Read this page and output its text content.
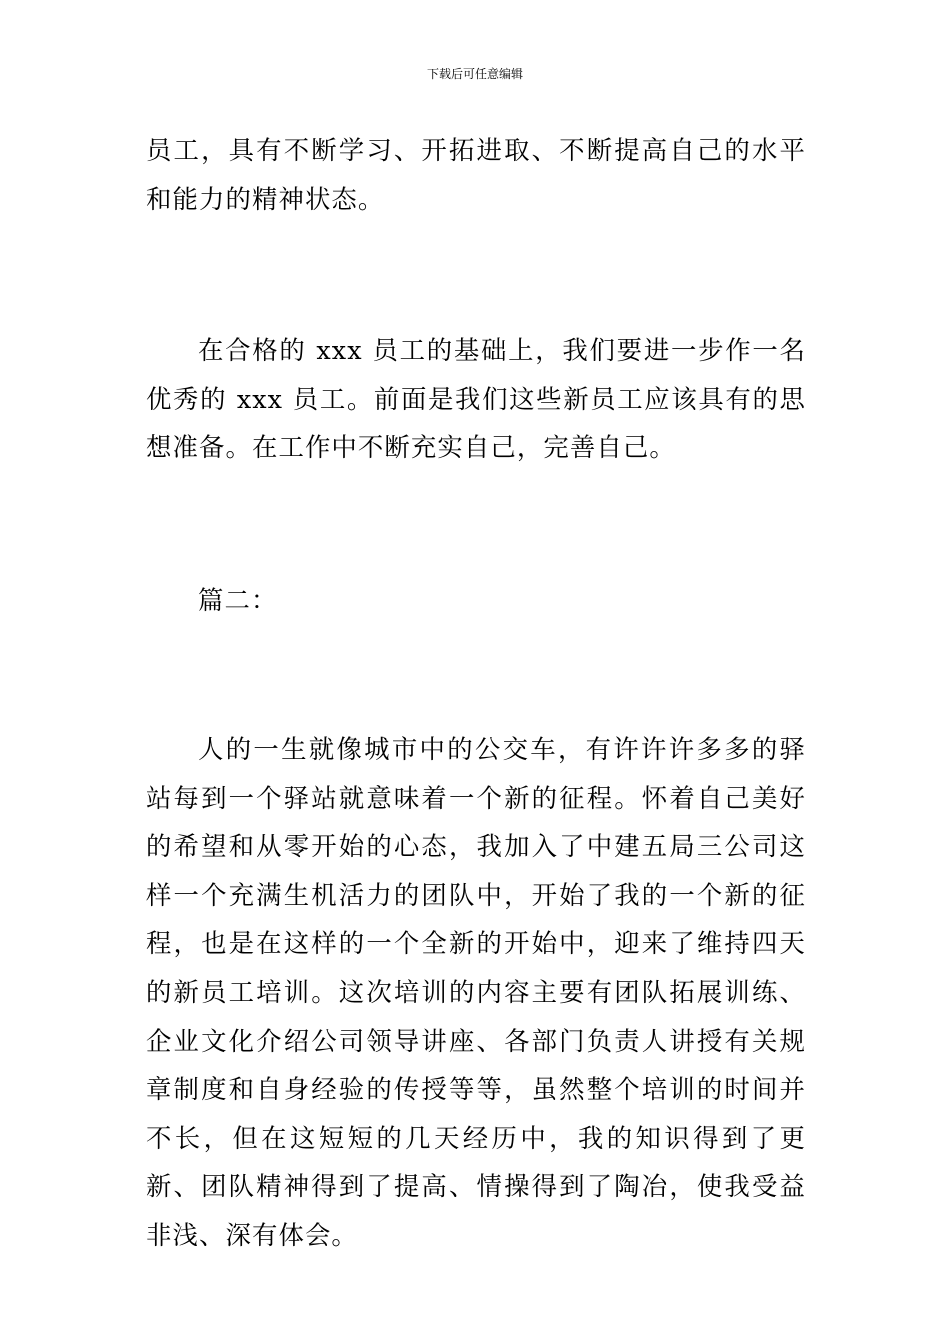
下载后可任意编辑

员工，具有不断学习、开拓进取、不断提高自己的水平和能力的精神状态。

在合格的 xxx 员工的基础上，我们要进一步作一名优秀的 xxx 员工。前面是我们这些新员工应该具有的思想准备。在工作中不断充实自己，完善自己。

篇二：

人的一生就像城市中的公交车，有许许许多多的驿站每到一个驿站就意味着一个新的征程。怀着自己美好的希望和从零开始的心态，我加入了中建五局三公司这样一个充满生机活力的团队中，开始了我的一个新的征程，也是在这样的一个全新的开始中，迎来了维持四天的新员工培训。这次培训的内容主要有团队拓展训练、企业文化介绍公司领导讲座、各部门负责人讲授有关规章制度和自身经验的传授等等，虽然整个培训的时间并不长，但在这短短的几天经历中，我的知识得到了更新、团队精神得到了提高、情操得到了陶冶，使我受益非浅、深有体会。
